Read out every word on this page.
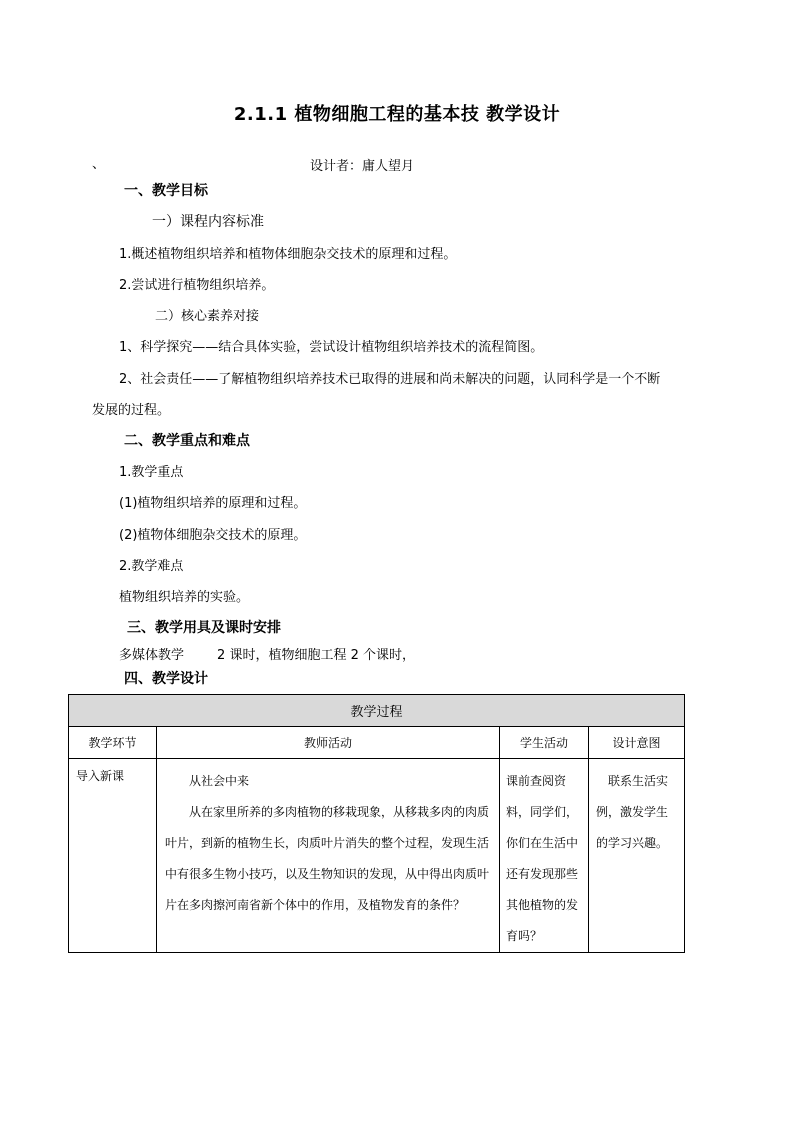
2.1.1 植物细胞工程的基本技 教学设计
、	设计者：庸人望月
一、教学目标
一）课程内容标准
1.概述植物组织培养和植物体细胞杂交技术的原理和过程。
2.尝试进行植物组织培养。
二）核心素养对接
1、科学探究——结合具体实验，尝试设计植物组织培养技术的流程简图。
2、社会责任——了解植物组织培养技术已取得的进展和尚未解决的问题，认同科学是一个不断
发展的过程。
二、教学重点和难点
1.教学重点
(1)植物组织培养的原理和过程。
(2)植物体细胞杂交技术的原理。
2.教学难点
植物组织培养的实验。
三、教学用具及课时安排
多媒体教学        2 课时，植物细胞工程 2 个课时，
四、教学设计
教学过程			
教学环节	教师活动	学生活动	设计意图
导入新课	从社会中来
从在家里所养的多肉植物的移栽现象，从移栽多肉的肉质叶片，到新的植物生长，肉质叶片消失的整个过程，发现生活中有很多生物小技巧，以及生物知识的发现，从中得出肉质叶片在多肉擦河南省新个体中的作用，及植物发育的条件？	课前查阅资料，同学们，你们在生活中还有发现那些其他植物的发育吗？	联系生活实例，激发学生的学习兴趣。
